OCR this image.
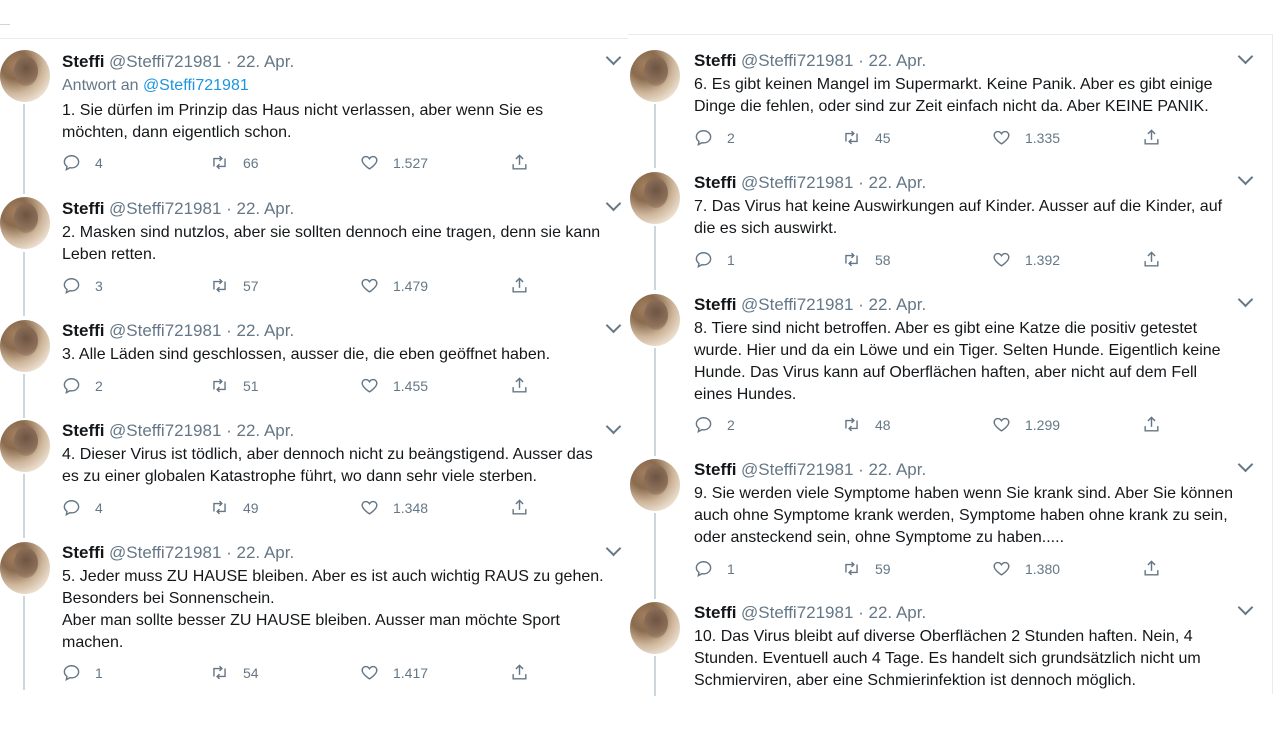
Steffi @Steffi721981 · 22. Apr.
Antwort an @Steffi721981
1. Sie dürfen im Prinzip das Haus nicht verlassen, aber wenn Sie es
möchten, dann eigentlich schon.
4	66	1.527
Steffi @Steffi721981 · 22. Apr.
2. Masken sind nutzlos, aber sie sollten dennoch eine tragen, denn sie kann
Leben retten.
3	57	1.479
Steffi @Steffi721981 · 22. Apr.
3. Alle Läden sind geschlossen, ausser die, die eben geöffnet haben.
2	51	1.455
Steffi @Steffi721981 · 22. Apr.
4. Dieser Virus ist tödlich, aber dennoch nicht zu beängstigend. Ausser das
es zu einer globalen Katastrophe führt, wo dann sehr viele sterben.
4	49	1.348
Steffi @Steffi721981 · 22. Apr.
5. Jeder muss ZU HAUSE bleiben. Aber es ist auch wichtig RAUS zu gehen.
Besonders bei Sonnenschein.
Aber man sollte besser ZU HAUSE bleiben. Ausser man möchte Sport
machen.
1	54	1.417
Steffi @Steffi721981 · 22. Apr.
6. Es gibt keinen Mangel im Supermarkt. Keine Panik. Aber es gibt einige
Dinge die fehlen, oder sind zur Zeit einfach nicht da. Aber KEINE PANIK.
2	45	1.335
Steffi @Steffi721981 · 22. Apr.
7. Das Virus hat keine Auswirkungen auf Kinder. Ausser auf die Kinder, auf
die es sich auswirkt.
1	58	1.392
Steffi @Steffi721981 · 22. Apr.
8. Tiere sind nicht betroffen. Aber es gibt eine Katze die positiv getestet
wurde. Hier und da ein Löwe und ein Tiger. Selten Hunde. Eigentlich keine
Hunde. Das Virus kann auf Oberflächen haften, aber nicht auf dem Fell
eines Hundes.
2	48	1.299
Steffi @Steffi721981 · 22. Apr.
9. Sie werden viele Symptome haben wenn Sie krank sind. Aber Sie können
auch ohne Symptome krank werden, Symptome haben ohne krank zu sein,
oder ansteckend sein, ohne Symptome zu haben.....
1	59	1.380
Steffi @Steffi721981 · 22. Apr.
10. Das Virus bleibt auf diverse Oberflächen 2 Stunden haften. Nein, 4
Stunden. Eventuell auch 4 Tage. Es handelt sich grundsätzlich nicht um
Schmierviren, aber eine Schmierinfektion ist dennoch möglich.
